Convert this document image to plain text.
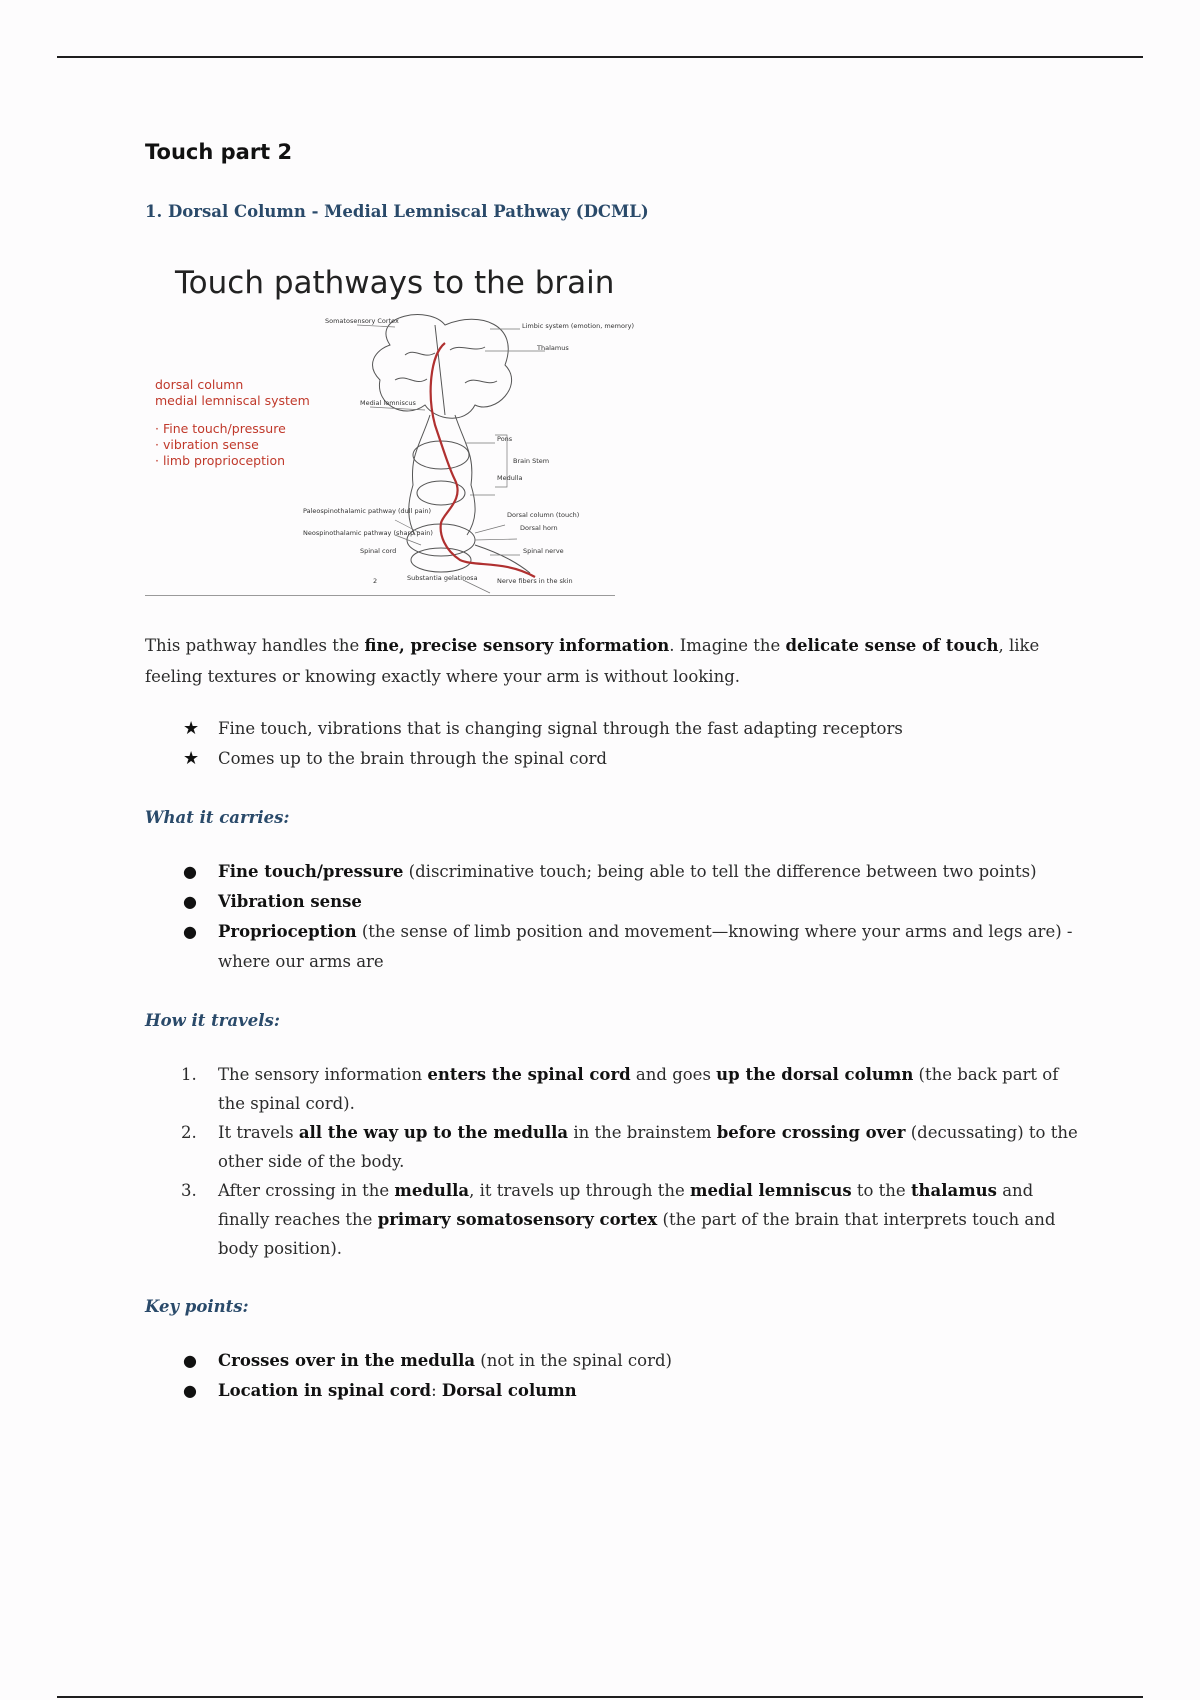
Touch part 2
1. Dorsal Column - Medial Lemniscal Pathway (DCML)

Touch pathways to the brain

dorsal column
medial lemniscal system
· Fine touch/pressure
· vibration sense
· limb proprioception
Somatosensory Cortex
Limbic system (emotion, memory)
Thalamus
Medial lemniscus
Pons
Brain Stem
Medulla
Paleospinothalamic pathway (dull pain)
Neospinothalamic pathway (sharp pain)
Dorsal column (touch)
Dorsal horn
Spinal cord	Spinal nerve
Substantia gelatinosa	Nerve fibers in the skin
2

This pathway handles the fine, precise sensory information. Imagine the delicate sense of touch, like feeling textures or knowing exactly where your arm is without looking.

★ Fine touch, vibrations that is changing signal through the fast adapting receptors
★ Comes up to the brain through the spinal cord
What it carries:
● Fine touch/pressure (discriminative touch; being able to tell the difference between two points)
● Vibration sense
● Proprioception (the sense of limb position and movement—knowing where your arms and legs are) - where our arms are
How it travels:
1. The sensory information enters the spinal cord and goes up the dorsal column (the back part of the spinal cord).
2. It travels all the way up to the medulla in the brainstem before crossing over (decussating) to the other side of the body.
3. After crossing in the medulla, it travels up through the medial lemniscus to the thalamus and finally reaches the primary somatosensory cortex (the part of the brain that interprets touch and body position).
Key points:
● Crosses over in the medulla (not in the spinal cord)
● Location in spinal cord: Dorsal column
